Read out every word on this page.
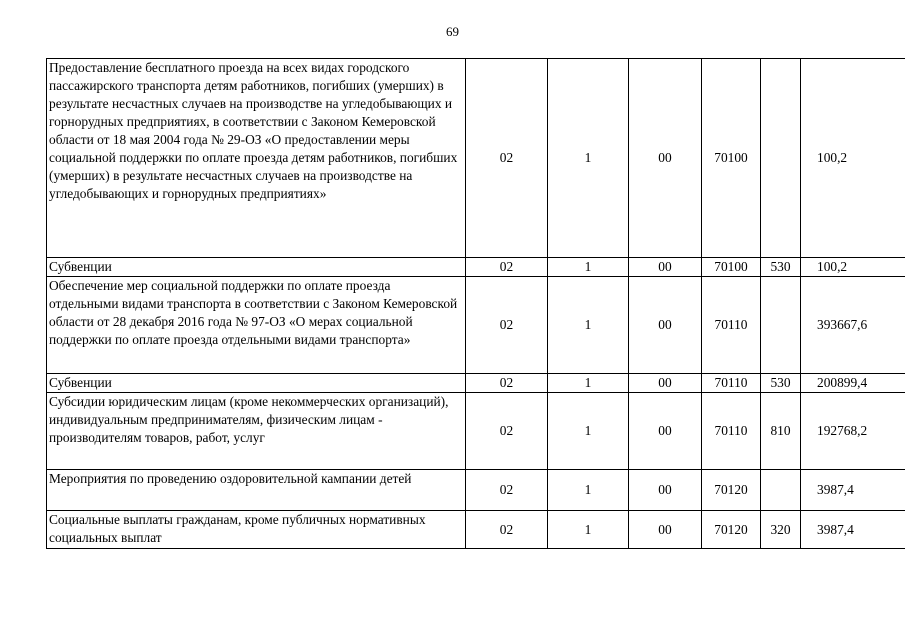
69
Предоставление бесплатного проезда на всех видах городского пассажирского транспорта детям работников, погибших (умерших) в результате несчастных случаев на производстве на угледобывающих и горнорудных предприятиях, в соответствии с Законом Кемеровской области от 18 мая 2004 года № 29-ОЗ «О предоставлении меры социальной поддержки по оплате проезда детям работников, погибших (умерших) в результате несчастных случаев на производстве на угледобывающих и горнорудных предприятиях»	02	1	00	70100		100,2
Субвенции	02	1	00	70100	530	100,2
Обеспечение мер социальной поддержки по оплате проезда отдельными видами транспорта в соответствии с Законом Кемеровской области от 28 декабря 2016 года № 97-ОЗ «О мерах социальной поддержки по оплате проезда отдельными видами транспорта»	02	1	00	70110		393667,6
Субвенции	02	1	00	70110	530	200899,4
Субсидии юридическим лицам (кроме некоммерческих организаций), индивидуальным предпринимателям, физическим лицам - производителям товаров, работ, услуг	02	1	00	70110	810	192768,2
Мероприятия по проведению оздоровительной кампании детей	02	1	00	70120		3987,4
Социальные выплаты гражданам, кроме публичных нормативных социальных выплат	02	1	00	70120	320	3987,4
